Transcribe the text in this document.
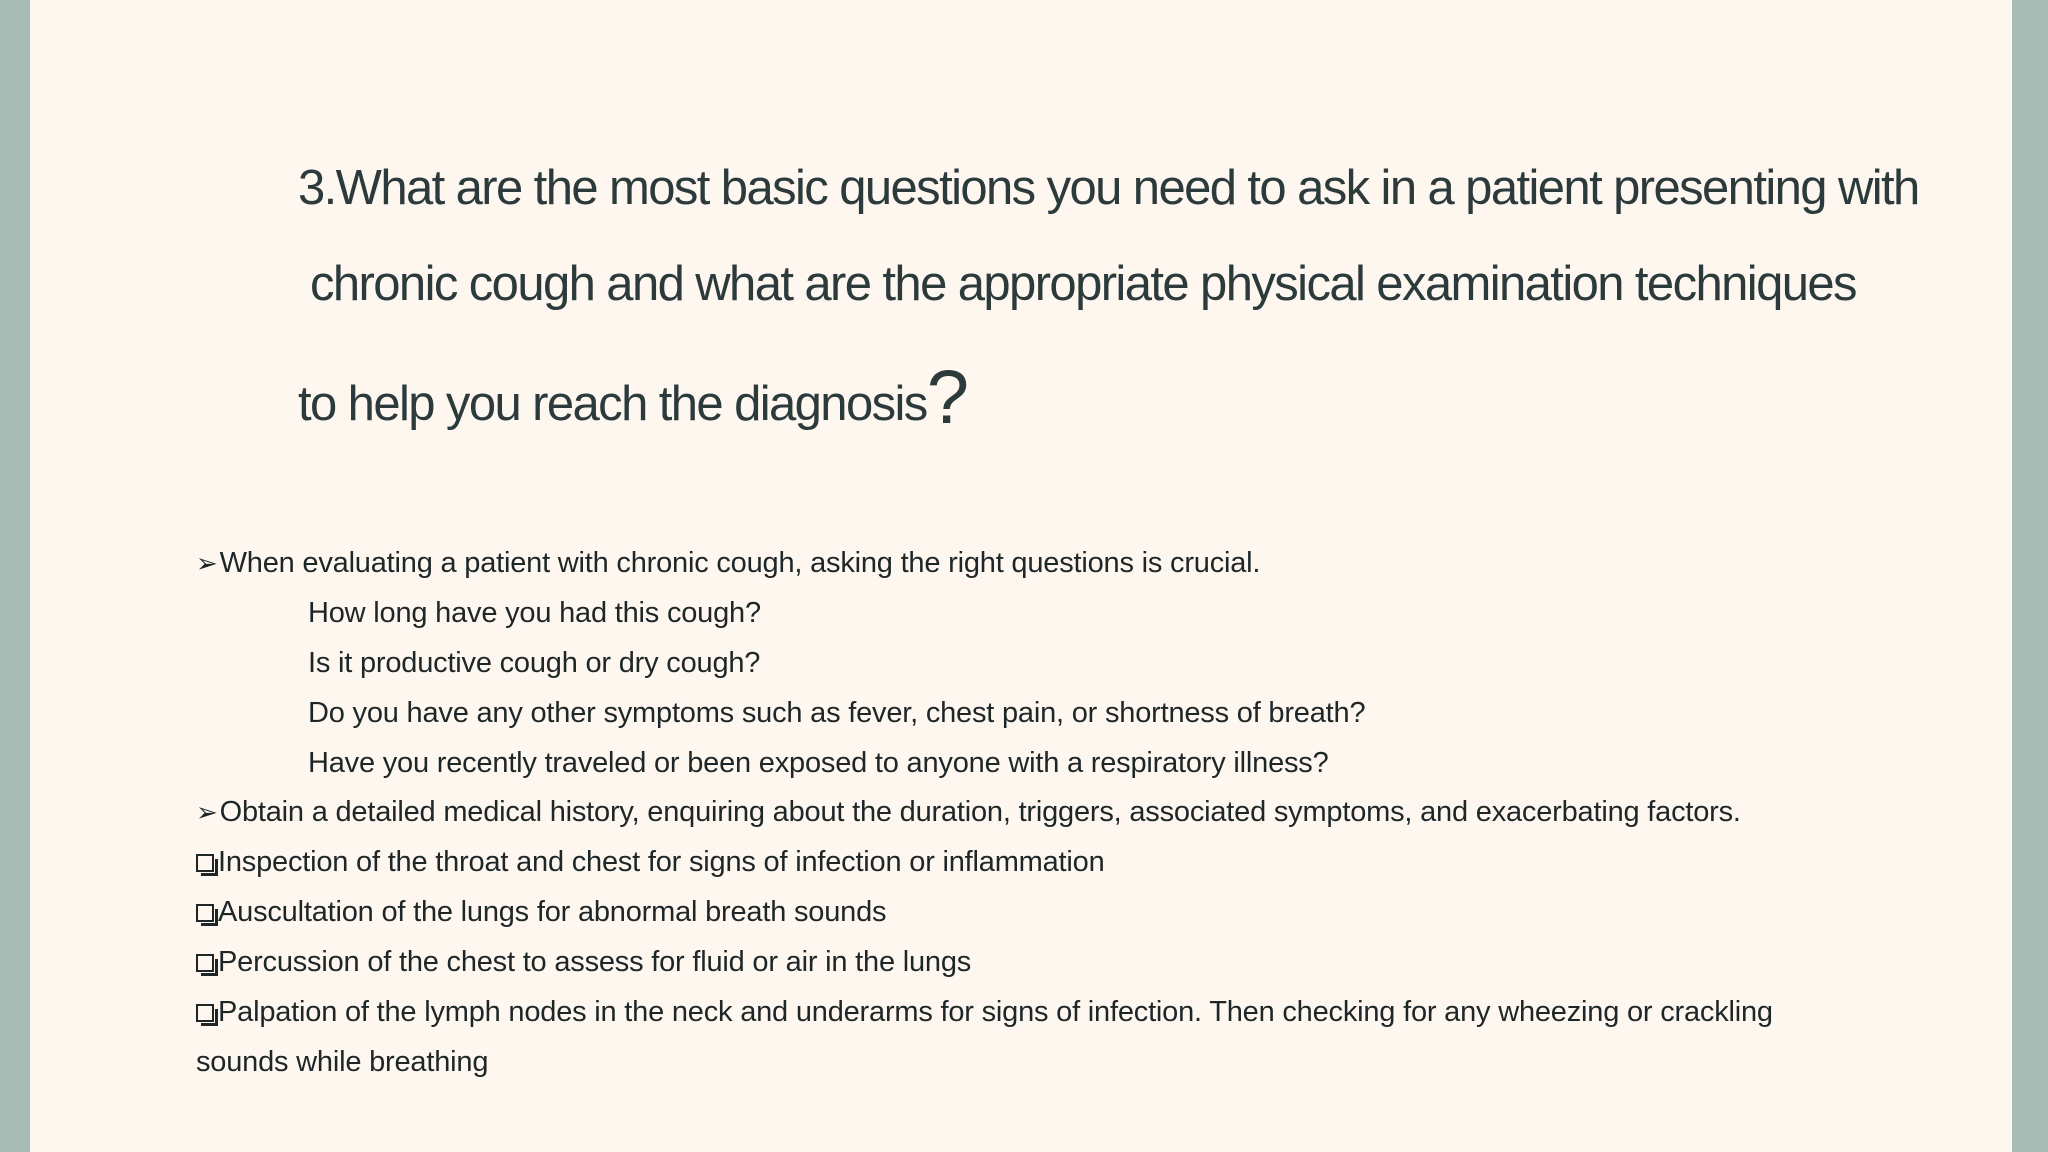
3.What are the most basic questions you need to ask in a patient presenting with
chronic cough and what are the appropriate physical examination techniques
to help you reach the diagnosis?
➢When evaluating a patient with chronic cough, asking the right questions is crucial.
How long have you had this cough?
Is it productive cough or dry cough?
Do you have any other symptoms such as fever, chest pain, or shortness of breath?
Have you recently traveled or been exposed to anyone with a respiratory illness?
➢Obtain a detailed medical history, enquiring about the duration, triggers, associated symptoms, and exacerbating factors.
Inspection of the throat and chest for signs of infection or inflammation
Auscultation of the lungs for abnormal breath sounds
Percussion of the chest to assess for fluid or air in the lungs
Palpation of the lymph nodes in the neck and underarms for signs of infection. Then checking for any wheezing or crackling
sounds while breathing
